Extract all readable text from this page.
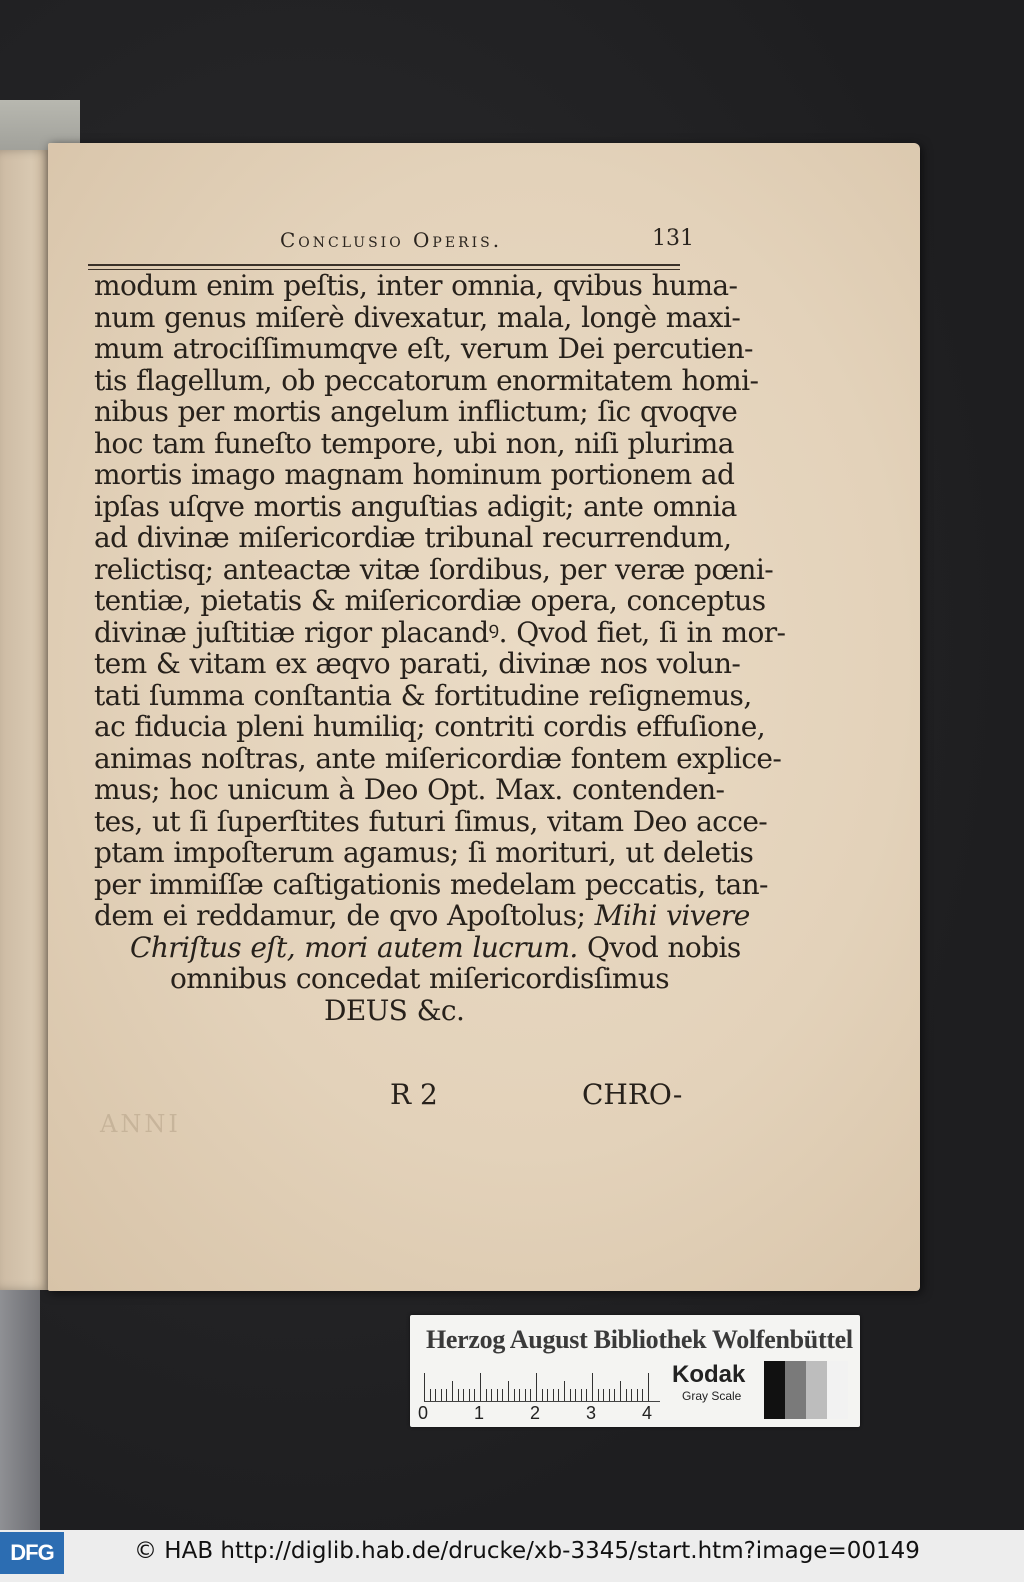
Conclusio Operis.	131
modum enim peſtis, inter omnia, qvibus huma-
num genus miſerè divexatur, mala, longè maxi-
mum atrociſſimumqve eſt, verum Dei percutien-
tis flagellum, ob peccatorum enormitatem homi-
nibus per mortis angelum inflictum; ſic qvoqve
hoc tam funeſto tempore, ubi non, niſi plurima
mortis imago magnam hominum portionem ad
ipſas uſqve mortis anguſtias adigit; ante omnia
ad divinæ miſericordiæ tribunal recurrendum,
relictisq; anteactæ vitæ ſordibus, per veræ pœni-
tentiæ, pietatis & miſericordiæ opera, conceptus
divinæ juſtitiæ rigor placandꝰ. Qvod fiet, ſi in mor-
tem & vitam ex æqvo parati, divinæ nos volun-
tati ſumma conſtantia & fortitudine reſignemus,
ac fiducia pleni humiliq; contriti cordis effuſione,
animas noſtras, ante miſericordiæ fontem explice-
mus; hoc unicum à Deo Opt. Max. contenden-
tes, ut ſi ſuperſtites futuri ſimus, vitam Deo acce-
ptam impoſterum agamus; ſi morituri, ut deletis
per immiſſæ caſtigationis medelam peccatis, tan-
dem ei reddamur, de qvo Apoſtolus; Mihi vivere
Chriſtus eſt, mori autem lucrum. Qvod nobis
omnibus concedat miſericordisſimus
DEUS &c.
R 2	CHRO-
ANNI
Herzog August Bibliothek Wolfenbüttel
0	1	2	3	4
Kodak
Gray Scale
DFG	© HAB http://diglib.hab.de/drucke/xb-3345/start.htm?image=00149
